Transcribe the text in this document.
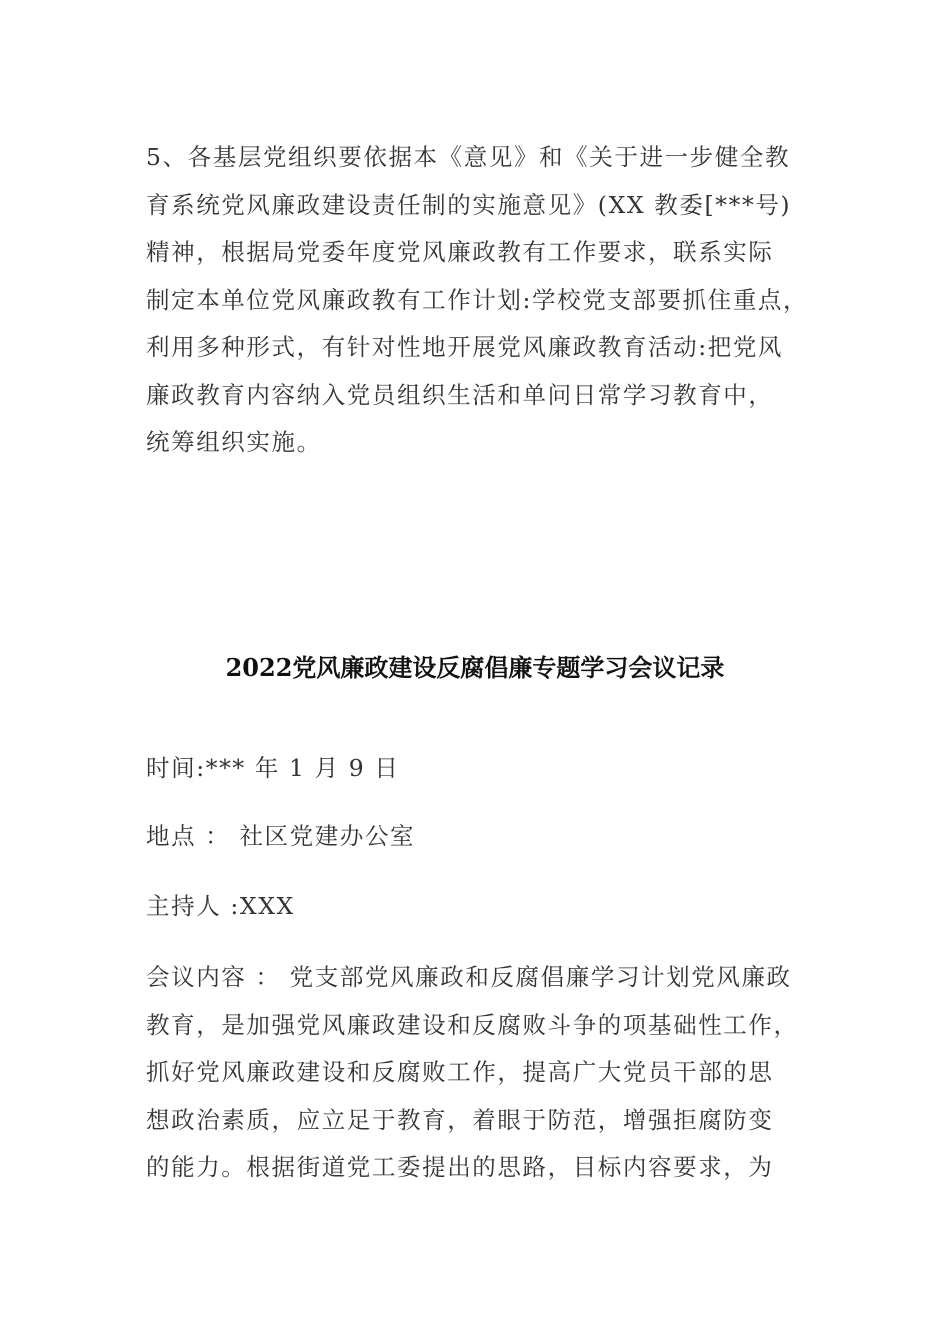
5、各基层党组织要依据本《意见》和《关于进一步健全教
育系统党风廉政建设责任制的实施意见》(XX 教委[***号)
精神，根据局党委年度党风廉政教有工作要求，联系实际
制定本单位党风廉政教有工作计划:学校党支部要抓住重点，
利用多种形式，有针对性地开展党风廉政教育活动:把党风
廉政教育内容纳入党员组织生活和单问日常学习教育中，
统筹组织实施。
2022党风廉政建设反腐倡廉专题学习会议记录
时间:*** 年 1 月 9 日
地点 ： 社区党建办公室
主持人 :XXX
会议内容 ： 党支部党风廉政和反腐倡廉学习计划党风廉政
教育，是加强党风廉政建设和反腐败斗争的项基础性工作，
抓好党风廉政建设和反腐败工作，提高广大党员干部的思
想政治素质，应立足于教育，着眼于防范，增强拒腐防变
的能力。根据街道党工委提出的思路，目标内容要求，为
